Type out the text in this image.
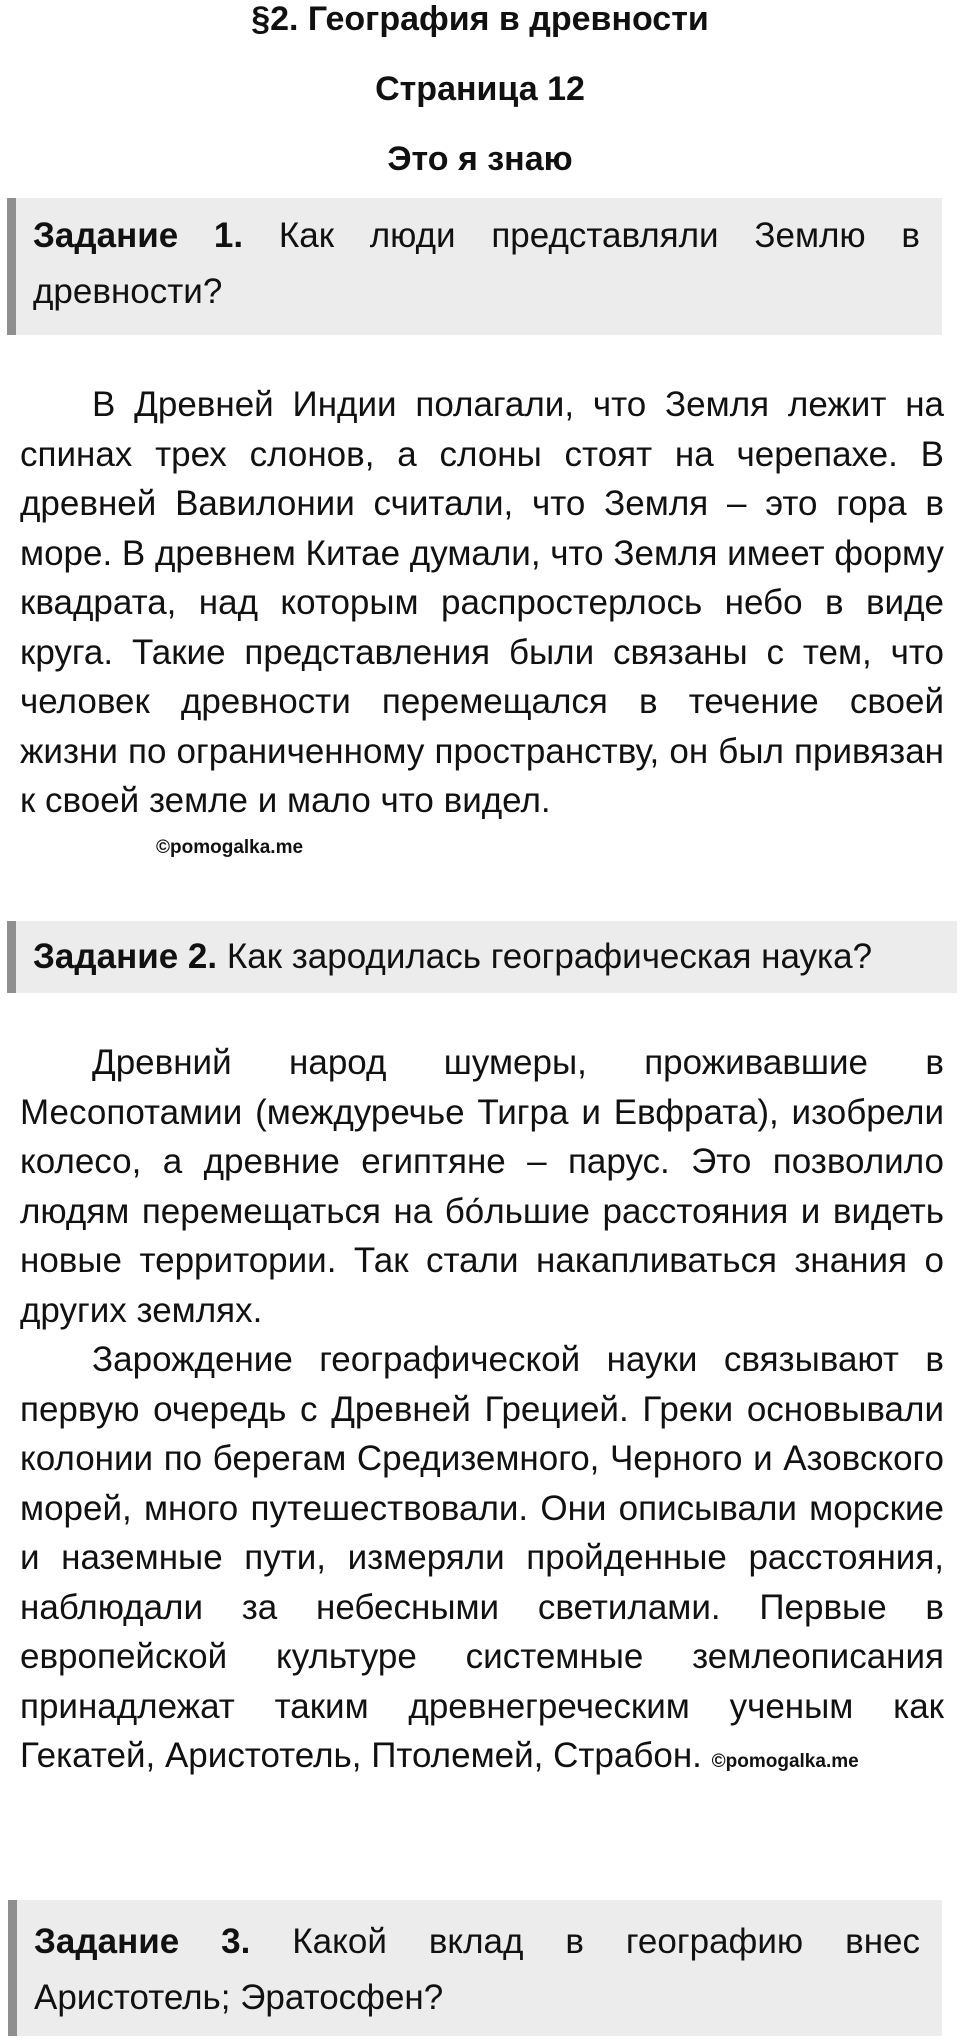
§2. География в древности
Страница 12
Это я знаю
Задание 1. Как люди представляли Землю в древности?

В Древней Индии полагали, что Земля лежит на спинах трех слонов, а слоны стоят на черепахе. В древней Вавилонии считали, что Земля – это гора в море. В древнем Китае думали, что Земля имеет форму квадрата, над которым распростерлось небо в виде круга. Такие представления были связаны с тем, что человек древности перемещался в течение своей жизни по ограниченному пространству, он был привязан к своей земле и мало что видел.

©pomogalka.me
Задание 2. Как зародилась географическая наука?

Древний народ шумеры, проживавшие в Месопотамии (междуречье Тигра и Евфрата), изобрели колесо, а древние египтяне – парус. Это позволило людям перемещаться на бо́льшие расстояния и видеть новые территории. Так стали накапливаться знания о других землях.

Зарождение географической науки связывают в первую очередь с Древней Грецией. Греки основывали колонии по берегам Средиземного, Черного и Азовского морей, много путешествовали. Они описывали морские и наземные пути, измеряли пройденные расстояния, наблюдали за небесными светилами. Первые в европейской культуре системные землеописания принадлежат таким древнегреческим ученым как Гекатей, Аристотель, Птолемей, Страбон. ©pomogalka.me

Задание 3. Какой вклад в географию внес Аристотель; Эратосфен?
